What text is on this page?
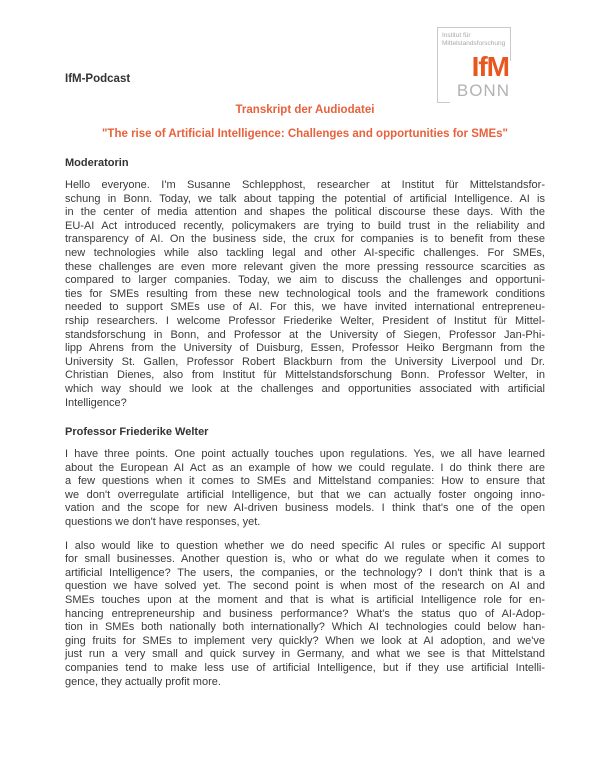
Institut für
Mittelstandsforschung
IfM
BONN
IfM-Podcast
Transkript der Audiodatei
"The rise of Artificial Intelligence: Challenges and opportunities for SMEs"
Moderatorin
Hello everyone. I'm Susanne Schlepphost, researcher at Institut für Mittelstandsfor-
schung in Bonn. Today, we talk about tapping the potential of artificial Intelligence. AI is
in the center of media attention and shapes the political discourse these days. With the
EU-AI Act introduced recently, policymakers are trying to build trust in the reliability and
transparency of AI. On the business side, the crux for companies is to benefit from these
new technologies while also tackling legal and other AI-specific challenges. For SMEs,
these challenges are even more relevant given the more pressing ressource scarcities as
compared to larger companies. Today, we aim to discuss the challenges and opportuni-
ties for SMEs resulting from these new technological tools and the framework conditions
needed to support SMEs use of AI. For this, we have invited international entrepreneu-
rship researchers. I welcome Professor Friederike Welter, President of Institut für Mittel-
standsforschung in Bonn, and Professor at the University of Siegen, Professor Jan-Phi-
lipp Ahrens from the University of Duisburg, Essen, Professor Heiko Bergmann from the
University St. Gallen, Professor Robert Blackburn from the University Liverpool und Dr.
Christian Dienes, also from Institut für Mittelstandsforschung Bonn. Professor Welter, in
which way should we look at the challenges and opportunities associated with artificial
Intelligence?
Professor Friederike Welter
I have three points. One point actually touches upon regulations. Yes, we all have learned
about the European AI Act as an example of how we could regulate. I do think there are
a few questions when it comes to SMEs and Mittelstand companies: How to ensure that
we don't overregulate artificial Intelligence, but that we can actually foster ongoing inno-
vation and the scope for new AI-driven business models. I think that's one of the open
questions we don't have responses, yet.
I also would like to question whether we do need specific AI rules or specific AI support
for small businesses. Another question is, who or what do we regulate when it comes to
artificial Intelligence? The users, the companies, or the technology? I don't think that is a
question we have solved yet. The second point is when most of the research on AI and
SMEs touches upon at the moment and that is what is artificial Intelligence role for en-
hancing entrepreneurship and business performance? What's the status quo of AI-Adop-
tion in SMEs both nationally both internationally? Which AI technologies could below han-
ging fruits for SMEs to implement very quickly? When we look at AI adoption, and we've
just run a very small and quick survey in Germany, and what we see is that Mittelstand
companies tend to make less use of artificial Intelligence, but if they use artificial Intelli-
gence, they actually profit more.
